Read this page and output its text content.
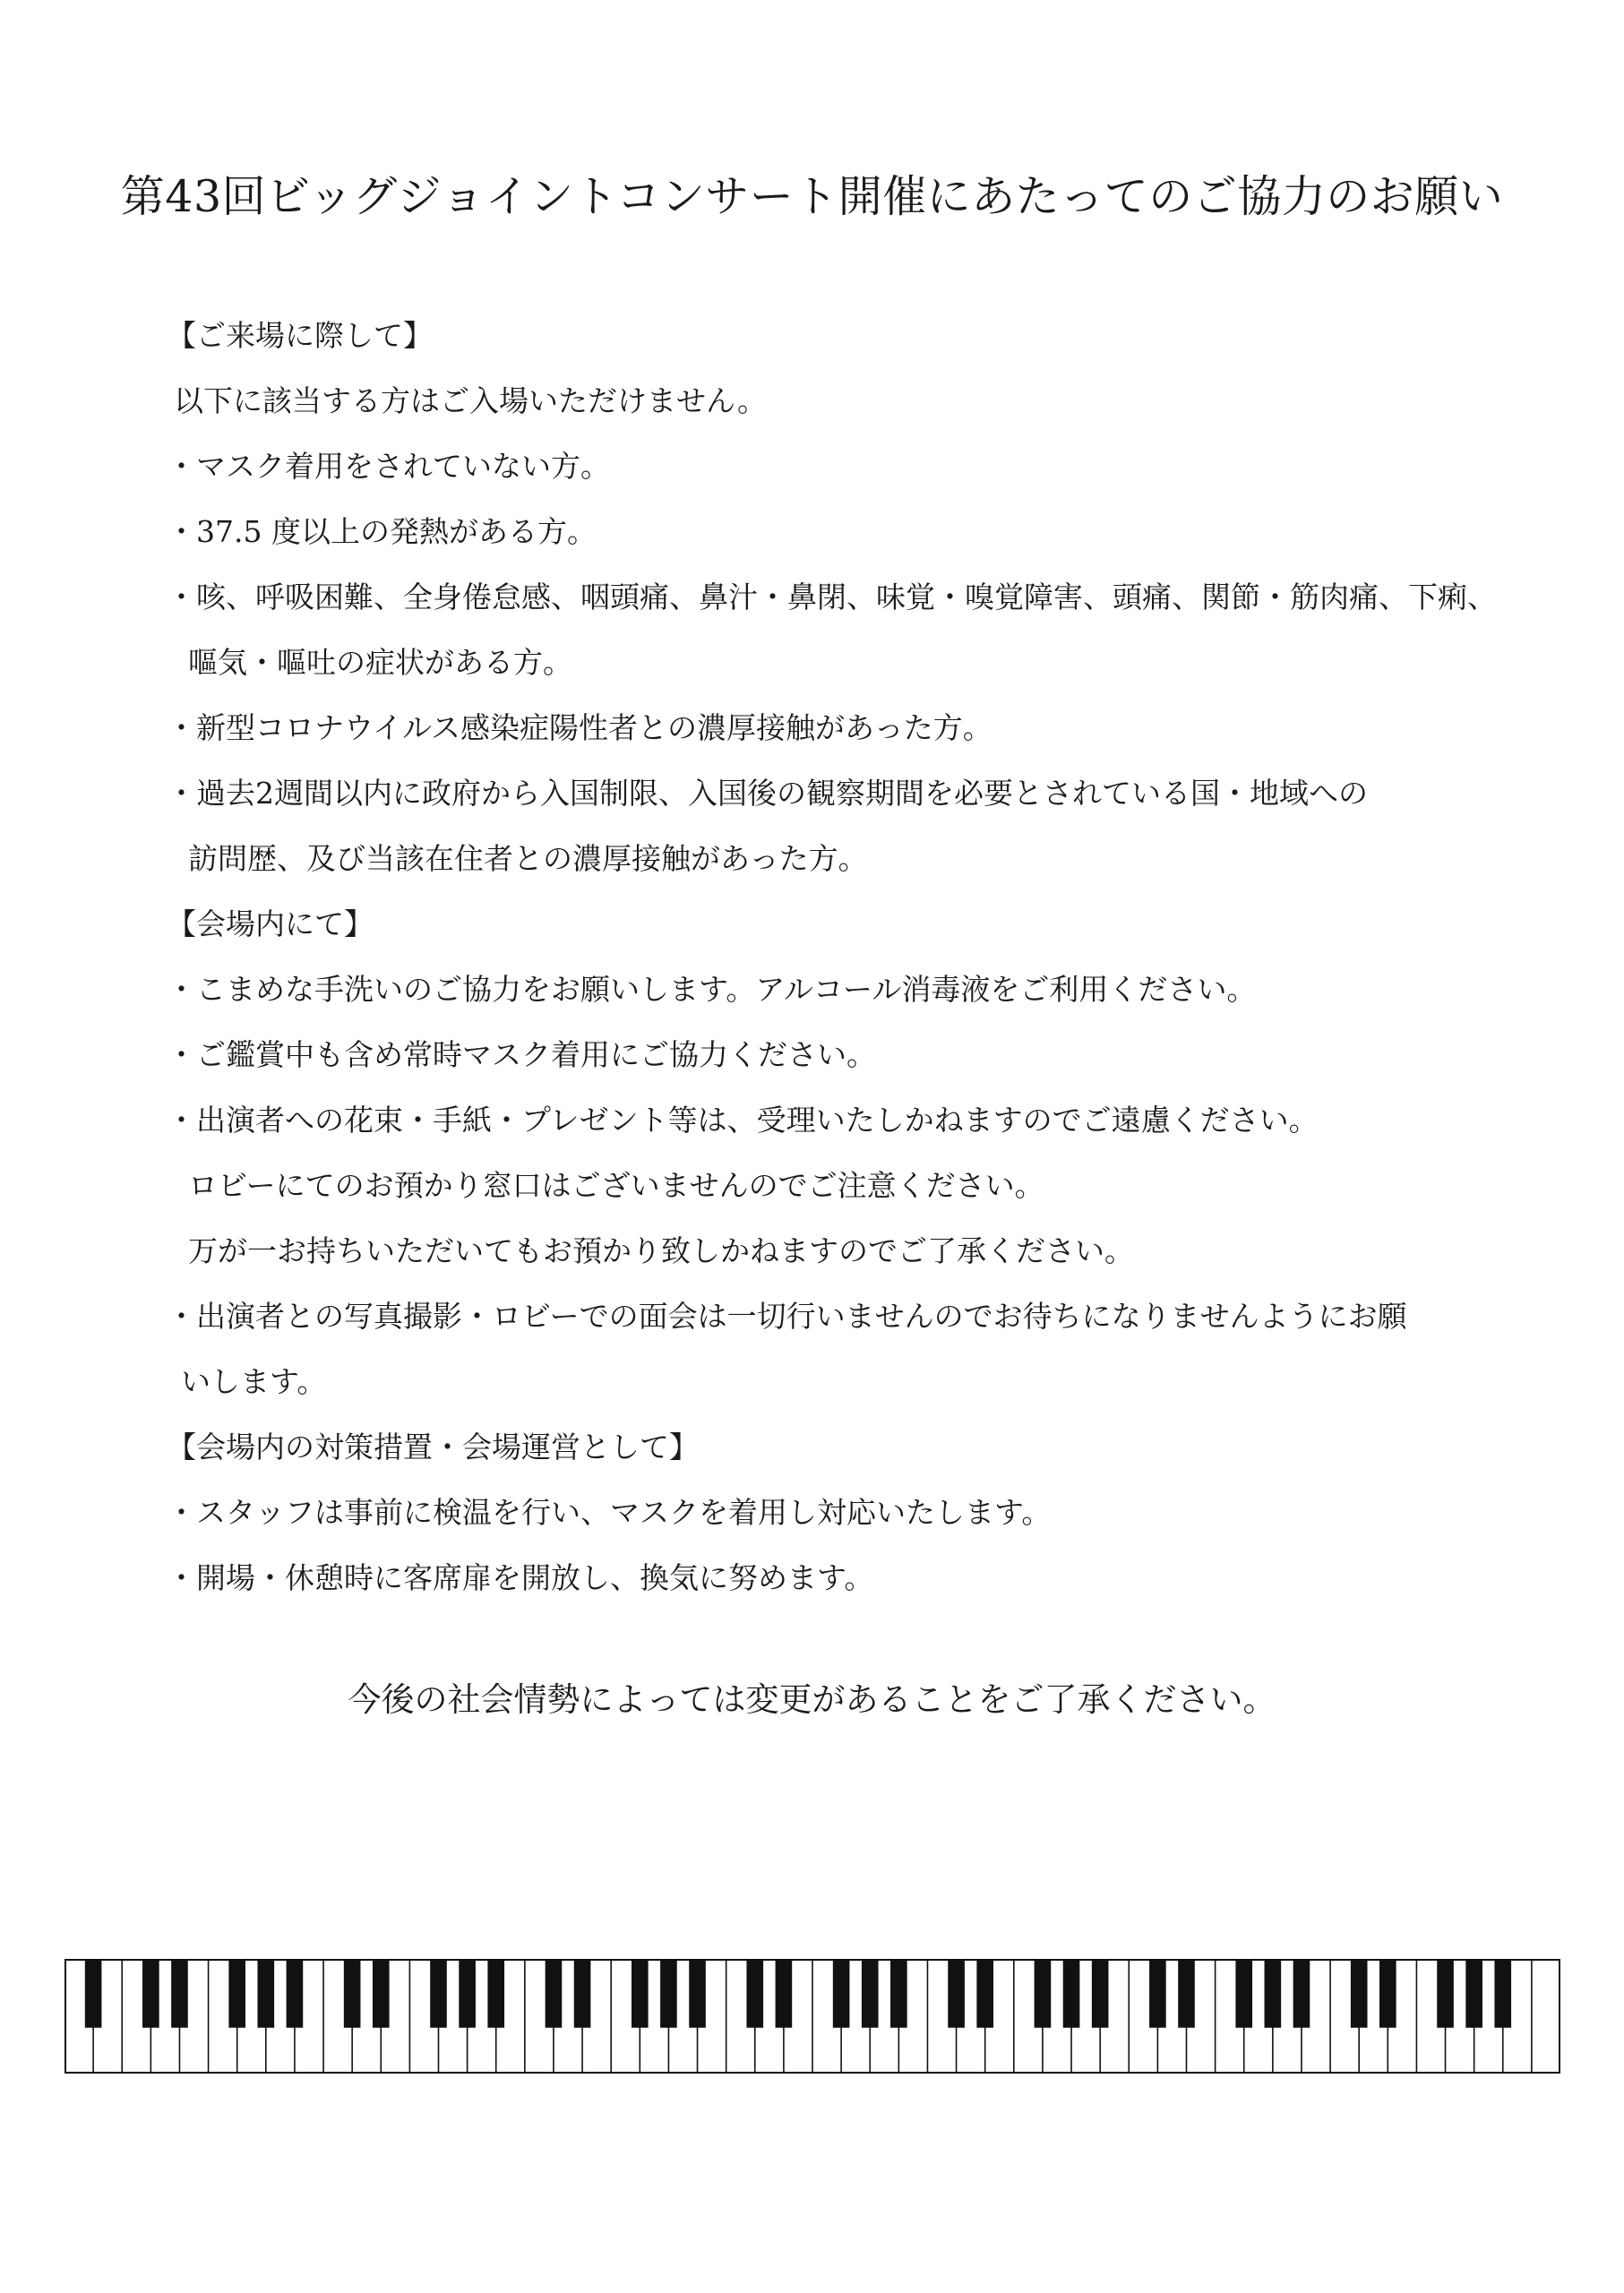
第43回ビッグジョイントコンサート開催にあたってのご協力のお願い
【ご来場に際して】
以下に該当する方はご入場いただけません。
・マスク着用をされていない方。
・37.5 度以上の発熱がある方。
・咳、呼吸困難、全身倦怠感、咽頭痛、鼻汁・鼻閉、味覚・嗅覚障害、頭痛、関節・筋肉痛、下痢、
嘔気・嘔吐の症状がある方。
・新型コロナウイルス感染症陽性者との濃厚接触があった方。
・過去2週間以内に政府から入国制限、入国後の観察期間を必要とされている国・地域への
訪問歴、及び当該在住者との濃厚接触があった方。
【会場内にて】
・こまめな手洗いのご協力をお願いします。アルコール消毒液をご利用ください。
・ご鑑賞中も含め常時マスク着用にご協力ください。
・出演者への花束・手紙・プレゼント等は、受理いたしかねますのでご遠慮ください。
ロビーにてのお預かり窓口はございませんのでご注意ください。
万が一お持ちいただいてもお預かり致しかねますのでご了承ください。
・出演者との写真撮影・ロビーでの面会は一切行いませんのでお待ちになりませんようにお願
いします。
【会場内の対策措置・会場運営として】
・スタッフは事前に検温を行い、マスクを着用し対応いたします。
・開場・休憩時に客席扉を開放し、換気に努めます。
今後の社会情勢によっては変更があることをご了承ください。
